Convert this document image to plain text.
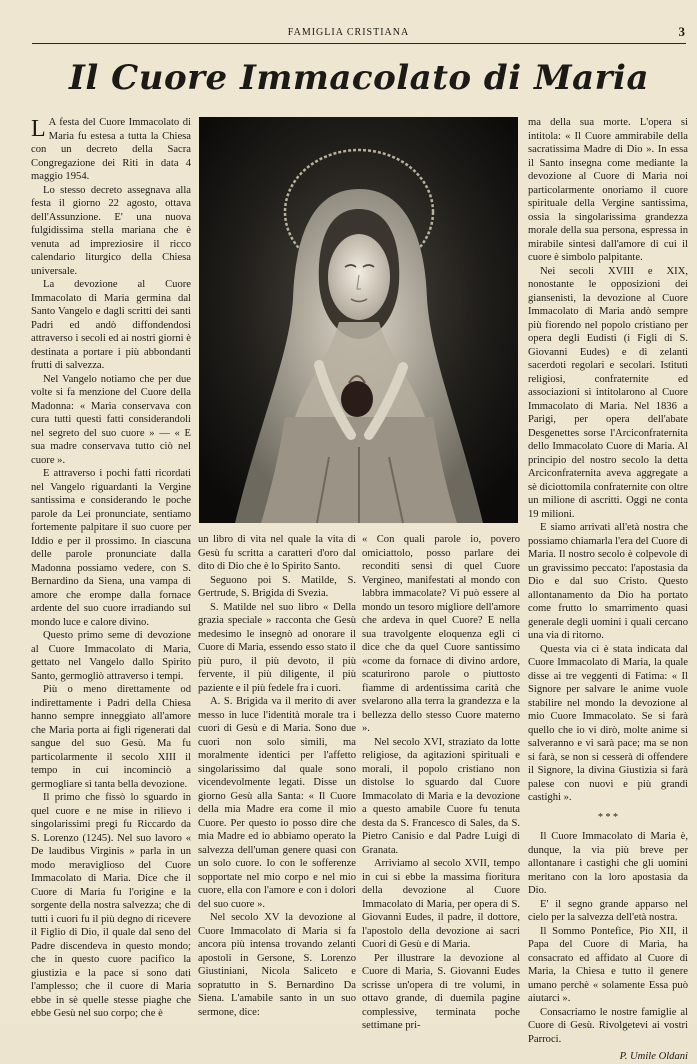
FAMIGLIA CRISTIANA	3
Il Cuore Immacolato di Maria

L A festa del Cuore Immacolato di Maria fu estesa a tutta la Chiesa con un decreto della Sacra Congregazione dei Riti in data 4 maggio 1954.

Lo stesso decreto assegnava alla festa il giorno 22 agosto, ottava dell'Assunzione. E' una nuova fulgidissima stella mariana che è venuta ad impreziosire il ricco calendario liturgico della Chiesa universale.

La devozione al Cuore Immacolato di Maria germina dal Santo Vangelo e dagli scritti dei santi Padri ed andò diffondendosi attraverso i secoli ed ai nostri giorni è destinata a portare i più abbondanti frutti di salvezza.

Nel Vangelo notiamo che per due volte si fa menzione del Cuore della Madonna: « Maria conservava con cura tutti questi fatti considerandoli nel segreto del suo cuore » — « E sua madre conservava tutto ciò nel cuore ».

E attraverso i pochi fatti ricordati nel Vangelo riguardanti la Vergine santissima e considerando le poche parole da Lei pronunciate, sentiamo fortemente palpitare il suo cuore per Iddio e per il prossimo. In ciascuna delle parole pronunciate dalla Madonna possiamo vedere, con S. Bernardino da Siena, una vampa di amore che erompe dalla fornace ardente del suo cuore irradiando sul mondo luce e calore divino.

Questo primo seme di devozione al Cuore Immacolato di Maria, gettato nel Vangelo dallo Spirito Santo, germogliò attraverso i tempi.

Più o meno direttamente od indirettamente i Padri della Chiesa hanno sempre inneggiato all'amore che Maria porta ai figli rigenerati dal sangue del suo Gesù. Ma fu particolarmente il secolo XIII il tempo in cui incominciò a germogliare sì tanta bella devozione.

Il primo che fissò lo sguardo in quel cuore e ne mise in rilievo i singolarissimi pregi fu Riccardo da S. Lorenzo (1245). Nel suo lavoro « De laudibus Virginis » parla in un modo meraviglioso del Cuore Immacolato di Maria. Dice che il Cuore di Maria fu l'origine e la sorgente della nostra salvezza; che di tutti i cuori fu il più degno di ricevere il Figlio di Dio, il quale dal seno del Padre discendeva in questo mondo; che in questo cuore pacifico la giustizia e la pace si sono dati l'amplesso; che il cuore di Maria ebbe in sè quelle stesse piaghe che ebbe Gesù nel suo corpo; che è

un libro di vita nel quale la vita di Gesù fu scritta a caratteri d'oro dal dito di Dio che è lo Spirito Santo.

Seguono poi S. Matilde, S. Gertrude, S. Brigida di Svezia.

S. Matilde nel suo libro « Della grazia speciale » racconta che Gesù medesimo le insegnò ad onorare il Cuore di Maria, essendo esso stato il più puro, il più devoto, il più fervente, il più diligente, il più paziente e il più fedele fra i cuori.

A. S. Brigida va il merito di aver messo in luce l'identità morale tra i cuori di Gesù e di Maria. Sono due cuori non solo simili, ma moralmente identici per l'affetto singolarissimo dal quale sono vicendevolmente legati. Disse un giorno Gesù alla Santa: « Il Cuore della mia Madre era come il mio Cuore. Per questo io posso dire che mia Madre ed io abbiamo operato la salvezza dell'uman genere quasi con un solo cuore. Io con le sofferenze sopportate nel mio corpo e nel mio cuore, ella con l'amore e con i dolori del suo cuore ».

Nel secolo XV la devozione al Cuore Immacolato di Maria si fa ancora più intensa trovando zelanti apostoli in Gersone, S. Lorenzo Giustiniani, Nicola Saliceto e sopratutto in S. Bernardino Da Siena. L'amabile santo in un suo sermone, dice:

« Con quali parole io, povero omiciattolo, posso parlare dei reconditi sensi di quel Cuore Vergineo, manifestati al mondo con labbra immacolate? Vi può essere al mondo un tesoro migliore dell'amore che ardeva in quel Cuore? E nella sua travolgente eloquenza egli ci dice che da quel Cuore santissimo «come da fornace di divino ardore, scaturirono parole o piuttosto fiamme di ardentissima carità che svelarono alla terra la grandezza e la bellezza dello stesso Cuore materno ».

Nel secolo XVI, straziato da lotte religiose, da agitazioni spirituali e morali, il popolo cristiano non distolse lo sguardo dal Cuore Immacolato di Maria e la devozione a questo amabile Cuore fu tenuta desta da S. Francesco di Sales, da S. Pietro Canisio e dal Padre Luigi di Granata.

Arriviamo al secolo XVII, tempo in cui si ebbe la massima fioritura della devozione al Cuore Immacolato di Maria, per opera di S. Giovanni Eudes, il padre, il dottore, l'apostolo della devozione ai sacri Cuori di Gesù e di Maria.

Per illustrare la devozione al Cuore di Maria, S. Giovanni Eudes scrisse un'opera di tre volumi, in ottavo grande, di duemila pagine complessive, terminata poche settimane pri-

ma della sua morte. L'opera si intitola: « Il Cuore ammirabile della sacratissima Madre di Dio ». In essa il Santo insegna come mediante la devozione al Cuore di Maria noi particolarmente onoriamo il cuore spirituale della Vergine santissima, ossia la singolarissima grandezza morale della sua persona, espressa in mirabile sintesi dall'amore di cui il cuore è simbolo palpitante.

Nei secoli XVIII e XIX, nonostante le opposizioni dei giansenisti, la devozione al Cuore Immacolato di Maria andò sempre più fiorendo nel popolo cristiano per opera degli Eudisti (i Figli di S. Giovanni Eudes) e di zelanti sacerdoti regolari e secolari. Istituti religiosi, confraternite ed associazioni si intitolarono al Cuore Immacolato di Maria. Nel 1836 a Parigi, per opera dell'abate Desgenettes sorse l'Arciconfraternita dello Immacolato Cuore di Maria. Al principio del nostro secolo la detta Arciconfraternita aveva aggregate a sè diciottomila confraternite con oltre un milione di ascritti. Oggi ne conta 19 milioni.

E siamo arrivati all'età nostra che possiamo chiamarla l'era del Cuore di Maria. Il nostro secolo è colpevole di un gravissimo peccato: l'apostasia da Dio e dal suo Cristo. Questo allontanamento da Dio ha portato come frutto lo smarrimento quasi generale degli uomini i quali cercano una via di ritorno.

Questa via ci è stata indicata dal Cuore Immacolato di Maria, la quale disse ai tre veggenti di Fatima: « Il Signore per salvare le anime vuole stabilire nel mondo la devozione al mio Cuore Immacolato. Se si farà quello che io vi dirò, molte anime si salveranno e vi sarà pace; ma se non si farà, se non si cesserà di offendere il Signore, la divina Giustizia si farà palese con nuovi e più grandi castighi ».

* * *

Il Cuore Immacolato di Maria è, dunque, la via più breve per allontanare i castighi che gli uomini meritano con la loro apostasia da Dio.

E' il segno grande apparso nel cielo per la salvezza dell'età nostra.

Il Sommo Pontefice, Pio XII, il Papa del Cuore di Maria, ha consacrato ed affidato al Cuore di Maria, la Chiesa e tutto il genere umano perchè « solamente Essa può aiutarci ».

Consacriamo le nostre famiglie al Cuore di Gesù. Rivolgetevi ai vostri Parroci.

P. Umile Oldani
